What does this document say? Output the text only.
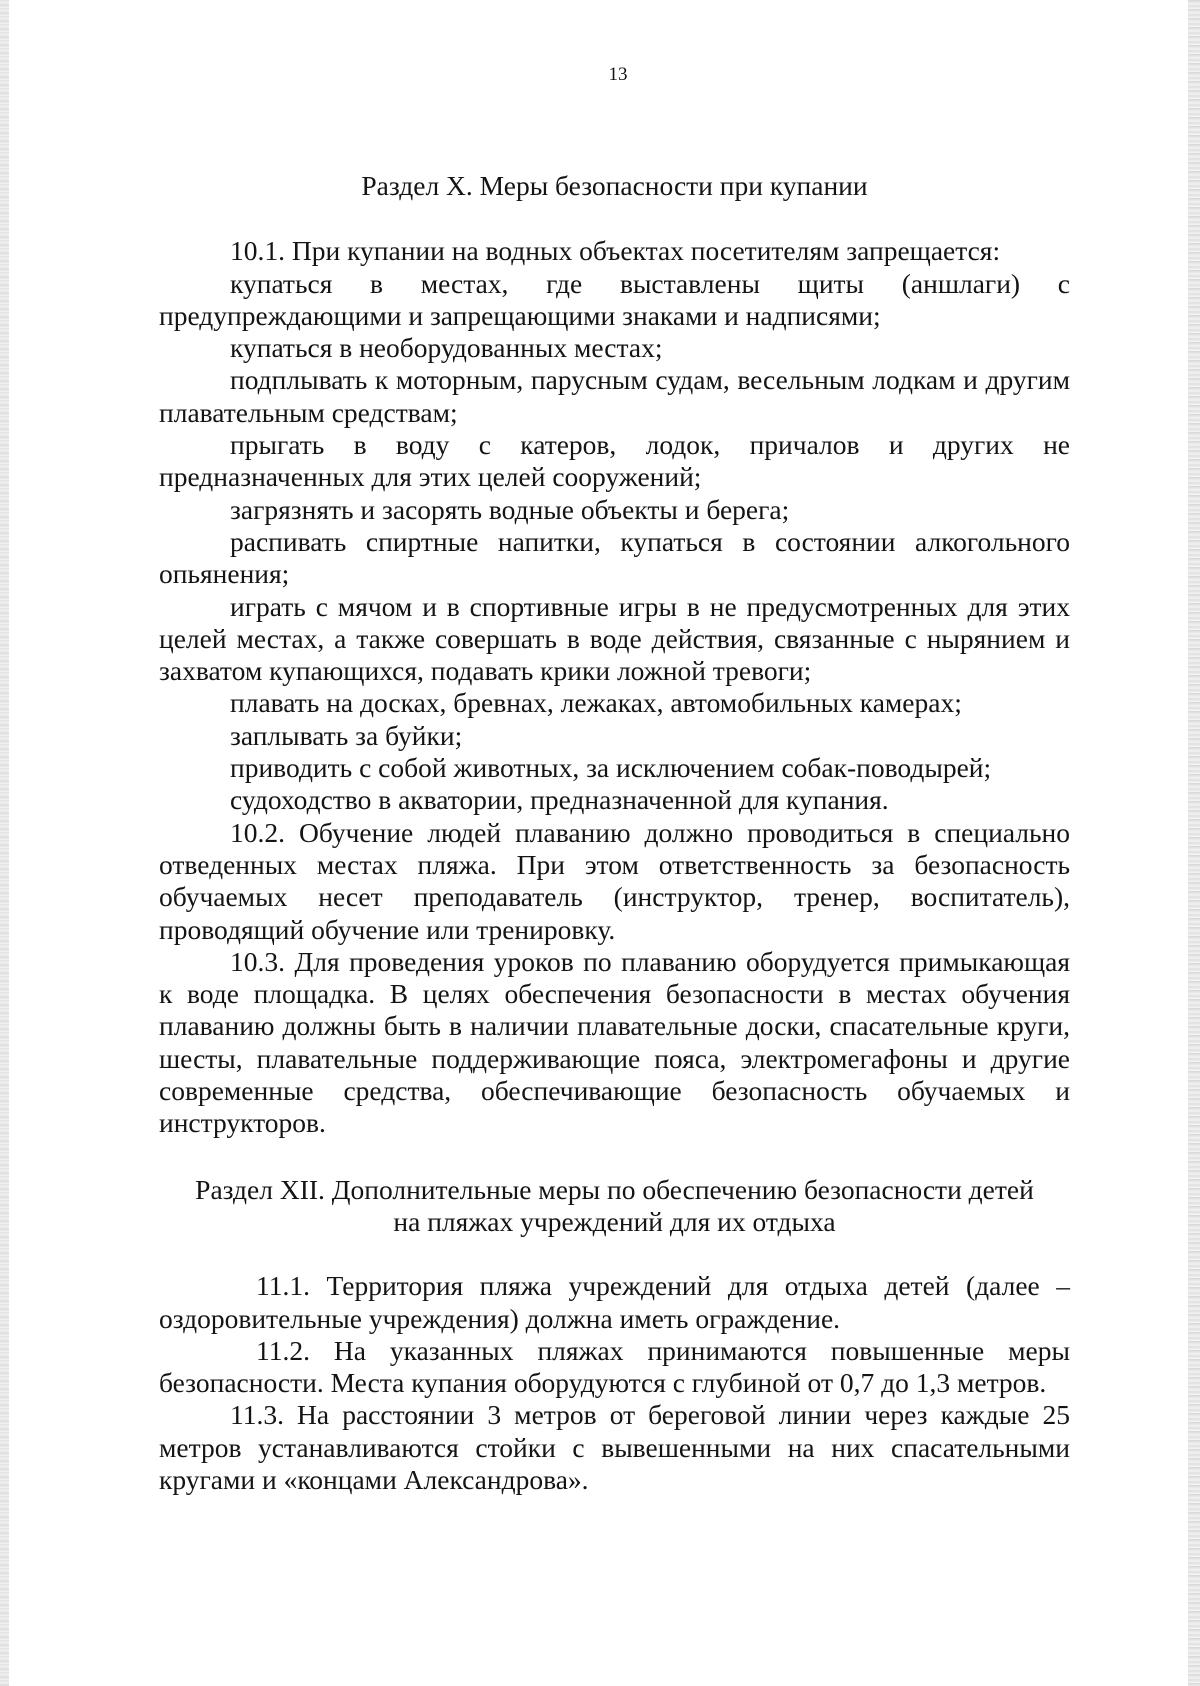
13

Раздел X. Меры безопасности при купании

10.1. При купании на водных объектах посетителям запрещается:

купаться в местах, где выставлены щиты (аншлаги) с предупреждающими и запрещающими знаками и надписями;

купаться в необорудованных местах;

подплывать к моторным, парусным судам, весельным лодкам и другим плавательным средствам;

прыгать в воду с катеров, лодок, причалов и других не предназначенных для этих целей сооружений;

загрязнять и засорять водные объекты и берега;

распивать спиртные напитки, купаться в состоянии алкогольного опьянения;

играть с мячом и в спортивные игры в не предусмотренных для этих целей местах, а также совершать в воде действия, связанные с нырянием и захватом купающихся, подавать крики ложной тревоги;

плавать на досках, бревнах, лежаках, автомобильных камерах;

заплывать за буйки;

приводить с собой животных, за исключением собак-поводырей;

судоходство в акватории, предназначенной для купания.

10.2. Обучение людей плаванию должно проводиться в специально отведенных местах пляжа. При этом ответственность за безопасность обучаемых несет преподаватель (инструктор, тренер, воспитатель), проводящий обучение или тренировку.

10.3. Для проведения уроков по плаванию оборудуется примыкающая к воде площадка. В целях обеспечения безопасности в местах обучения плаванию должны быть в наличии плавательные доски, спасательные круги, шесты, плавательные поддерживающие пояса, электромегафоны и другие современные средства, обеспечивающие безопасность обучаемых и инструкторов.

Раздел XII. Дополнительные меры по обеспечению безопасности детей

на пляжах учреждений для их отдыха

11.1. Территория пляжа учреждений для отдыха детей (далее – оздоровительные учреждения) должна иметь ограждение.

11.2. На указанных пляжах принимаются повышенные меры безопасности. Места купания оборудуются с глубиной от 0,7 до 1,3 метров.

11.3. На расстоянии 3 метров от береговой линии через каждые 25 метров устанавливаются стойки с вывешенными на них спасательными кругами и «концами Александрова».
